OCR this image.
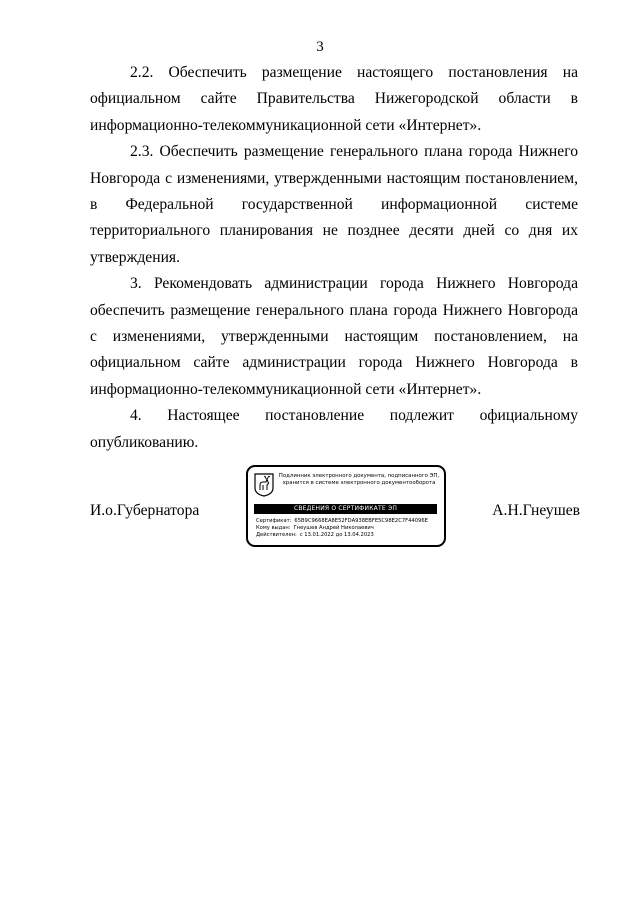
3

2.2. Обеспечить размещение настоящего постановления на официальном сайте Правительства Нижегородской области в информационно-телекоммуникационной сети «Интернет».

2.3. Обеспечить размещение генерального плана города Нижнего Новгорода с изменениями, утвержденными настоящим постановлением, в Федеральной государственной информационной системе территориального планирования не позднее десяти дней со дня их утверждения.

3. Рекомендовать администрации города Нижнего Новгорода обеспечить размещение генерального плана города Нижнего Новгорода с изменениями, утвержденными настоящим постановлением, на официальном сайте администрации города Нижнего Новгорода в информационно-телекоммуникационной сети «Интернет».

4. Настоящее постановление подлежит официальному опубликованию.

И.о.Губернатора
Подлинник электронного документа, подписанного ЭП,
хранится в системе электронного документооборота
СВЕДЕНИЯ О СЕРТИФИКАТЕ ЭП
Сертификат: 65B9C9668EA8E52FDA938EBFE5C98E2C7F44096E
Кому выдан: Гнеушев Андрей Николаевич
Действителен: с 13.01.2022 до 13.04.2023
А.Н.Гнеушев
